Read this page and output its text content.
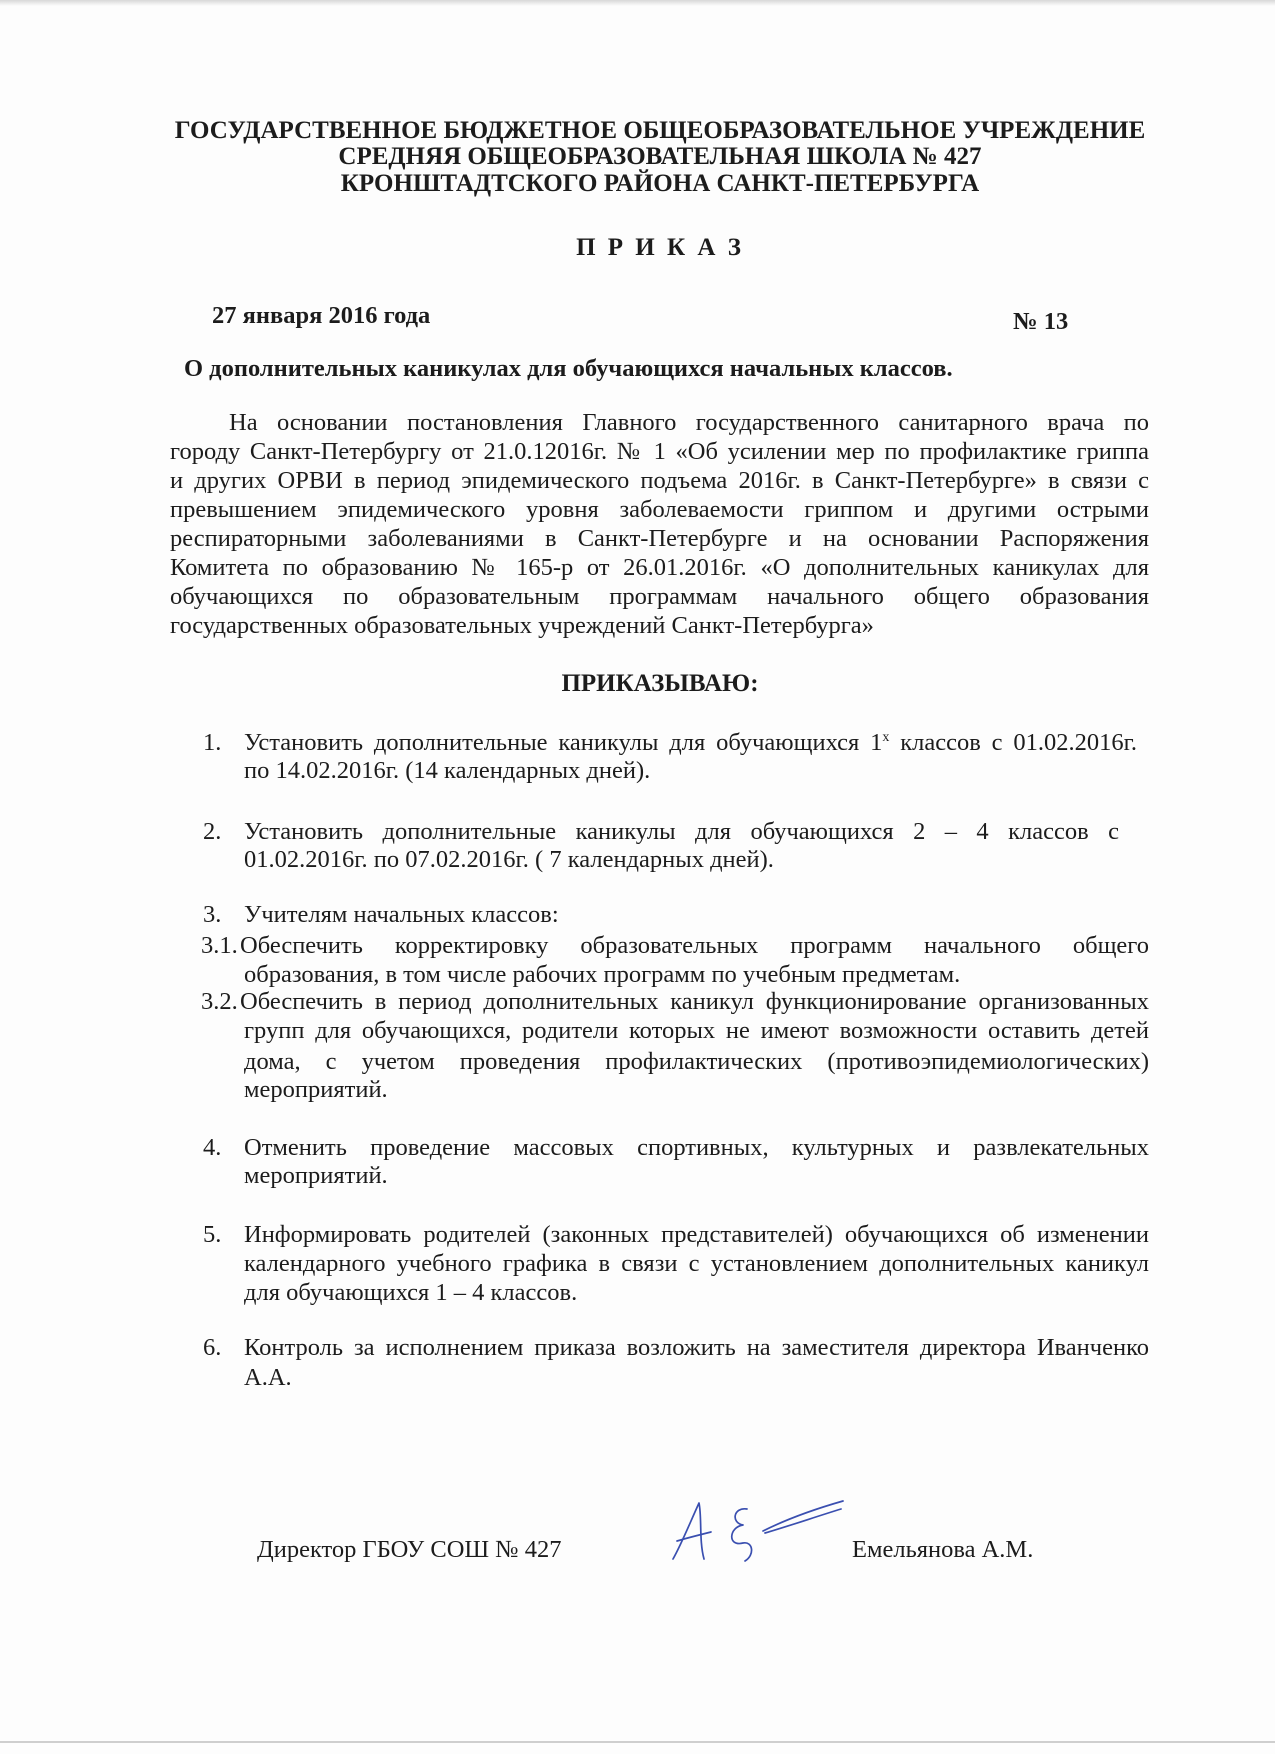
ГОСУДАРСТВЕННОЕ БЮДЖЕТНОЕ ОБЩЕОБРАЗОВАТЕЛЬНОЕ УЧРЕЖДЕНИЕ
СРЕДНЯЯ ОБЩЕОБРАЗОВАТЕЛЬНАЯ ШКОЛА № 427
КРОНШТАДТСКОГО РАЙОНА САНКТ-ПЕТЕРБУРГА
П Р И К А З
27 января 2016 года	№ 13
О дополнительных каникулах для обучающихся начальных классов.
На основании постановления Главного государственного санитарного врача по
городу Санкт-Петербургу от 21.0.12016г. № 1 «Об усилении мер по профилактике гриппа
и других ОРВИ в период эпидемического подъема 2016г. в Санкт-Петербурге» в связи с
превышением эпидемического уровня заболеваемости гриппом и другими острыми
респираторными заболеваниями в Санкт-Петербурге и на основании Распоряжения
Комитета по образованию № 165-р от 26.01.2016г. «О дополнительных каникулах для
обучающихся по образовательным программам начального общего образования
государственных образовательных учреждений Санкт-Петербурга»
ПРИКАЗЫВАЮ:
1. Установить дополнительные каникулы для обучающихся $1^х$ классов с 01.02.2016г.
по 14.02.2016г. (14 календарных дней).
2. Установить дополнительные каникулы для обучающихся 2 – 4 классов с
01.02.2016г. по 07.02.2016г. ( 7 календарных дней).
3. Учителям начальных классов:
3.1. Обеспечить корректировку образовательных программ начального общего
образования, в том числе рабочих программ по учебным предметам.
3.2. Обеспечить в период дополнительных каникул функционирование организованных
групп для обучающихся, родители которых не имеют возможности оставить детей
дома, с учетом проведения профилактических (противоэпидемиологических)
мероприятий.
4. Отменить проведение массовых спортивных, культурных и развлекательных
мероприятий.
5. Информировать родителей (законных представителей) обучающихся об изменении
календарного учебного графика в связи с установлением дополнительных каникул
для обучающихся 1 – 4 классов.
6. Контроль за исполнением приказа возложить на заместителя директора Иванченко
А.А.
Директор ГБОУ СОШ № 427	Емельянова А.М.
